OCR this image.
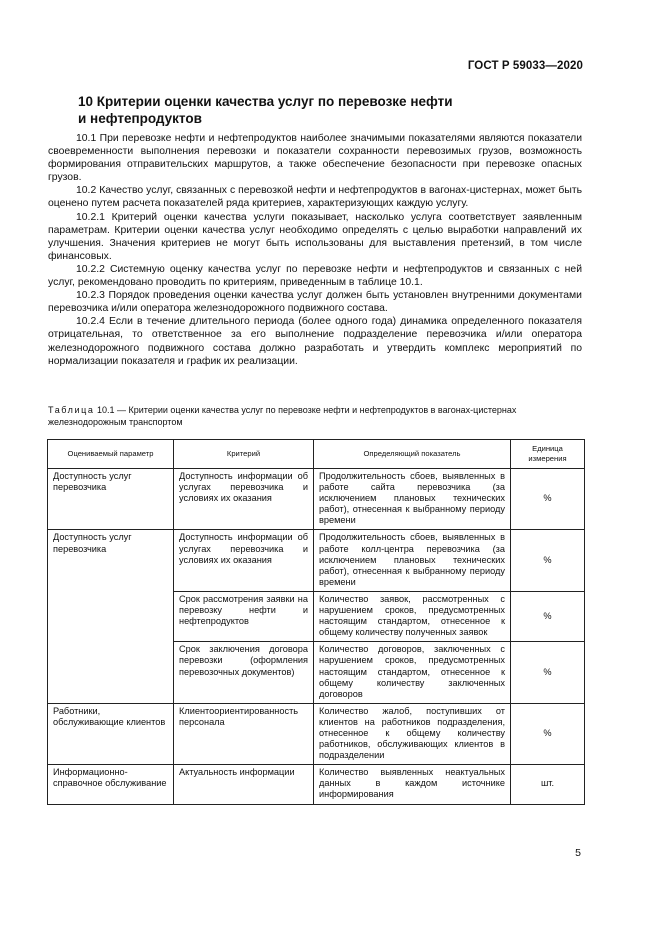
ГОСТ Р 59033—2020
10 Критерии оценки качества услуг по перевозке нефти
и нефтепродуктов

10.1 При перевозке нефти и нефтепродуктов наиболее значимыми показателями являются показатели своевременности выполнения перевозки и показатели сохранности перевозимых грузов, возможность формирования отправительских маршрутов, а также обеспечение безопасности при перевозке опасных грузов.

10.2 Качество услуг, связанных с перевозкой нефти и нефтепродуктов в вагонах-цистернах, может быть оценено путем расчета показателей ряда критериев, характеризующих каждую услугу.

10.2.1 Критерий оценки качества услуги показывает, насколько услуга соответствует заявленным параметрам. Критерии оценки качества услуг необходимо определять с целью выработки направлений их улучшения. Значения критериев не могут быть использованы для выставления претензий, в том числе финансовых.

10.2.2 Системную оценку качества услуг по перевозке нефти и нефтепродуктов и связанных с ней услуг, рекомендовано проводить по критериям, приведенным в таблице 10.1.

10.2.3 Порядок проведения оценки качества услуг должен быть установлен внутренними документами перевозчика и/или оператора железнодорожного подвижного состава.

10.2.4 Если в течение длительного периода (более одного года) динамика определенного показателя отрицательная, то ответственное за его выполнение подразделение перевозчика и/или оператора железнодорожного подвижного состава должно разработать и утвердить комплекс мероприятий по нормализации показателя и график их реализации.

Таблица 10.1 — Критерии оценки качества услуг по перевозке нефти и нефтепродуктов в вагонах-цистернах железнодорожным транспортом
Оцениваемый параметр	Критерий	Определяющий показатель	Единица измерения
Доступность услуг перевозчика	Доступность информации об услугах перевозчика и условиях их оказания	Продолжительность сбоев, выявленных в работе сайта перевозчика (за исключением плановых технических работ), отнесенная к выбранному периоду времени	%
Доступность услуг перевозчика	Доступность информации об услугах перевозчика и условиях их оказания	Продолжительность сбоев, выявленных в работе колл-центра перевозчика (за исключением плановых технических работ), отнесенная к выбранному периоду времени	%
	Срок рассмотрения заявки на перевозку нефти и нефтепродуктов	Количество заявок, рассмотренных с нарушением сроков, предусмотренных настоящим стандартом, отнесенное к общему количеству полученных заявок	%
	Срок заключения договора перевозки (оформления перевозочных документов)	Количество договоров, заключенных с нарушением сроков, предусмотренных настоящим стандартом, отнесенное к общему количеству заключенных договоров	%
Работники, обслуживающие клиентов	Клиентоориентированность персонала	Количество жалоб, поступивших от клиентов на работников подразделения, отнесенное к общему количеству работников, обслуживающих клиентов в подразделении	%
Информационно-справочное обслуживание	Актуальность информации	Количество выявленных неактуальных данных в каждом источнике информирования	шт.
5
